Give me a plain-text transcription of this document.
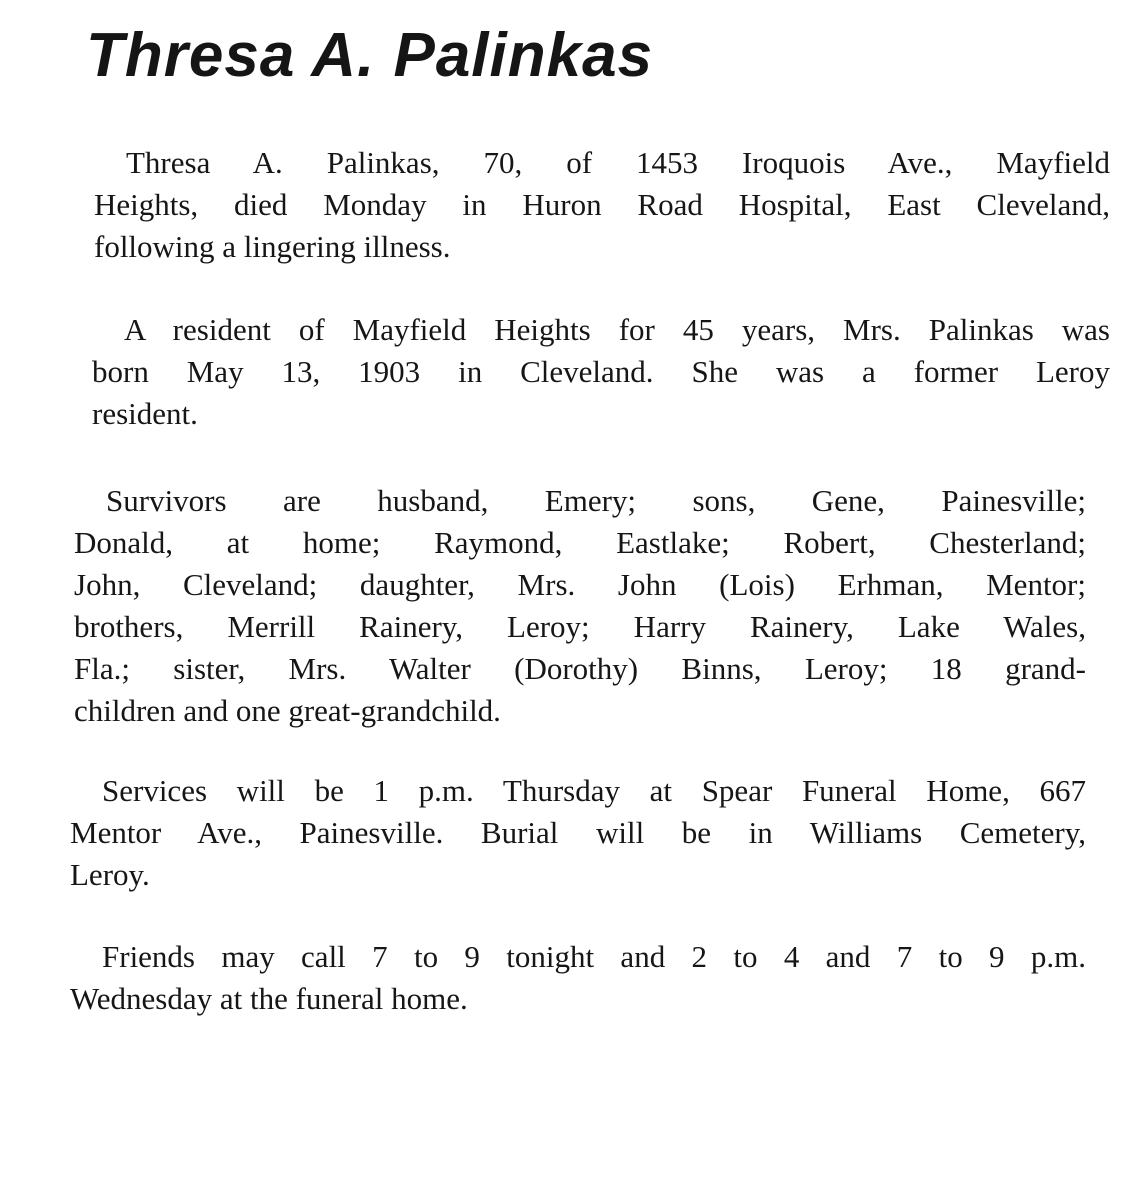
Thresa A. Palinkas
Thresa A. Palinkas, 70, of 1453 Iroquois Ave., Mayfield
Heights, died Monday in Huron Road Hospital, East Cleveland,
following a lingering illness.
A resident of Mayfield Heights for 45 years, Mrs. Palinkas was
born May 13, 1903 in Cleveland. She was a former Leroy
resident.
Survivors are husband, Emery; sons, Gene, Painesville;
Donald, at home; Raymond, Eastlake; Robert, Chesterland;
John, Cleveland; daughter, Mrs. John (Lois) Erhman, Mentor;
brothers, Merrill Rainery, Leroy; Harry Rainery, Lake Wales,
Fla.; sister, Mrs. Walter (Dorothy) Binns, Leroy; 18 grand-
children and one great-grandchild.
Services will be 1 p.m. Thursday at Spear Funeral Home, 667
Mentor Ave., Painesville. Burial will be in Williams Cemetery,
Leroy.
Friends may call 7 to 9 tonight and 2 to 4 and 7 to 9 p.m.
Wednesday at the funeral home.
